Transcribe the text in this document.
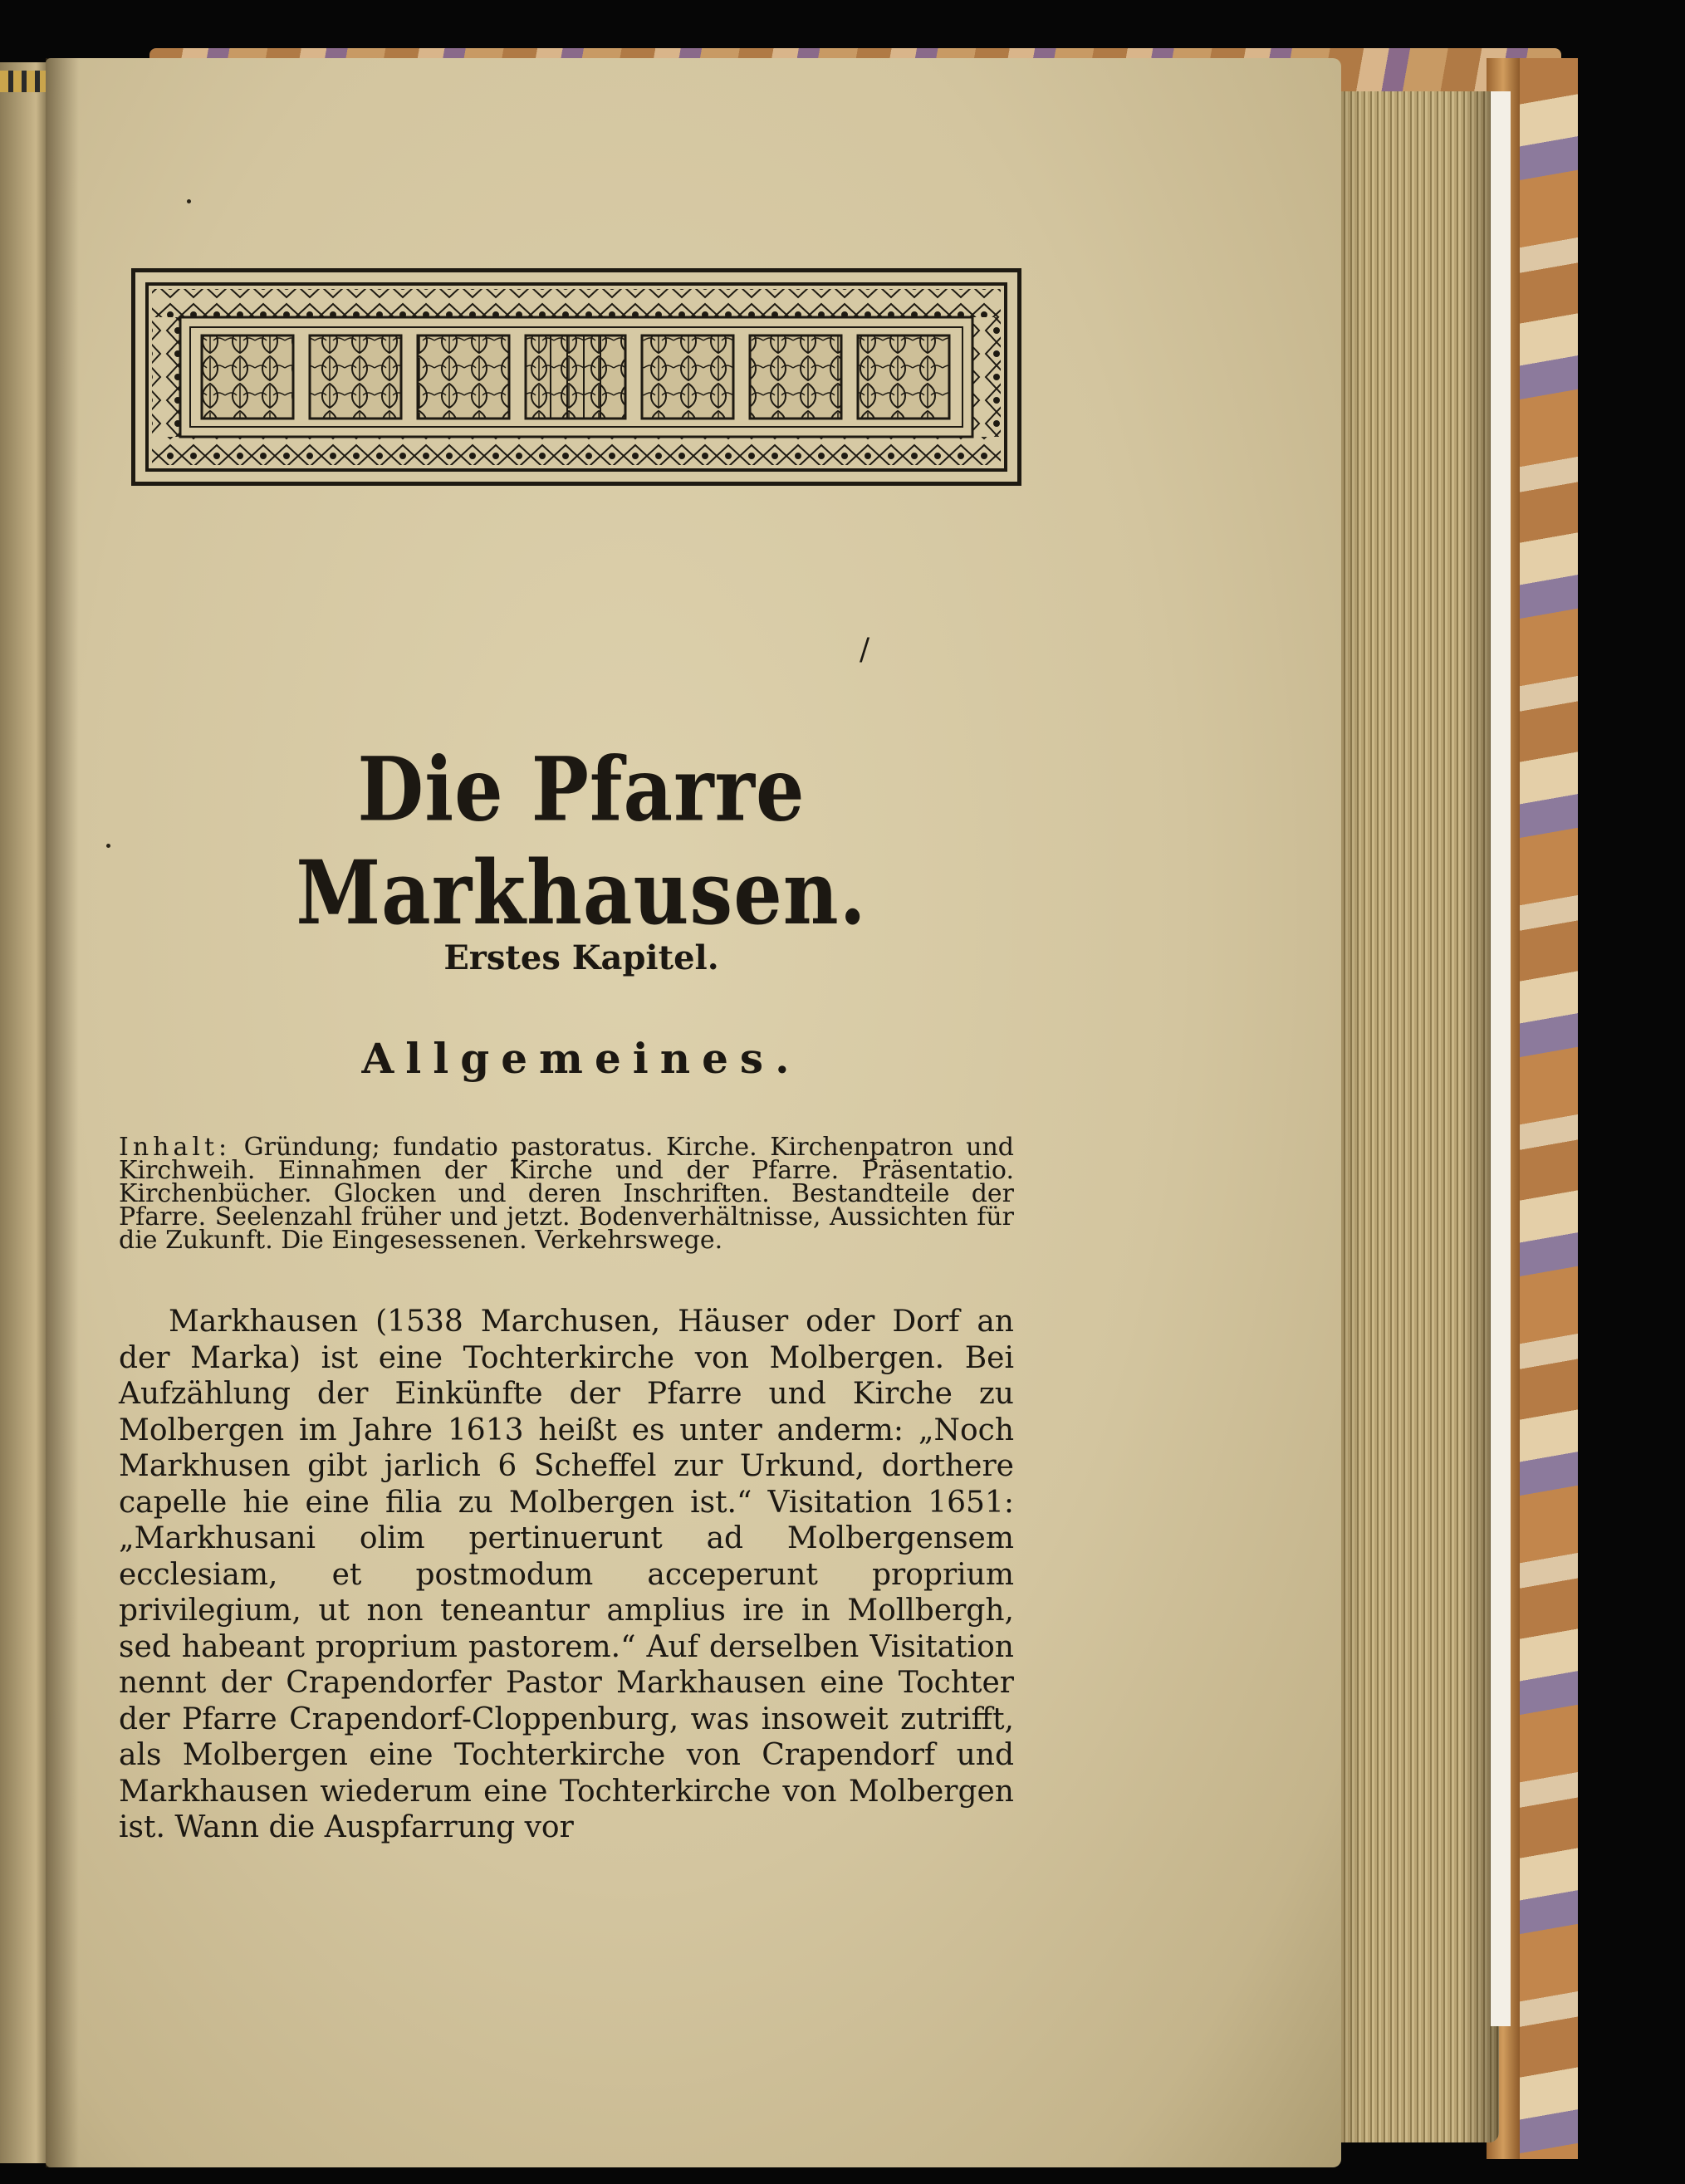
/
Die Pfarre Markhausen.
Erstes Kapitel.
Allgemeines.
Inhalt: Gründung; fundatio pastoratus. Kirche. Kirchenpatron und Kirchweih. Einnahmen der Kirche und der Pfarre. Präsentatio. Kirchenbücher. Glocken und deren Inschriften. Bestandteile der Pfarre. Seelenzahl früher und jetzt. Bodenverhältnisse, Aussichten für die Zukunft. Die Eingesessenen. Verkehrswege.

Markhausen (1538 Marchusen, Häuser oder Dorf an der Marka) ist eine Tochterkirche von Molbergen. Bei Aufzählung der Einkünfte der Pfarre und Kirche zu Molbergen im Jahre 1613 heißt es unter anderm: „Noch Markhusen gibt jarlich 6 Scheffel zur Urkund, dorthere capelle hie eine filia zu Molbergen ist.“ Visitation 1651: „Markhusani olim pertinuerunt ad Molbergensem ecclesiam, et postmodum acceperunt proprium privilegium, ut non teneantur amplius ire in Mollbergh, sed habeant proprium pastorem.“ Auf derselben Visitation nennt der Crapendorfer Pastor Markhausen eine Tochter der Pfarre Crapendorf-Cloppenburg, was insoweit zutrifft, als Molbergen eine Tochterkirche von Crapendorf und Markhausen wiederum eine Tochterkirche von Molbergen ist. Wann die Auspfarrung vor
